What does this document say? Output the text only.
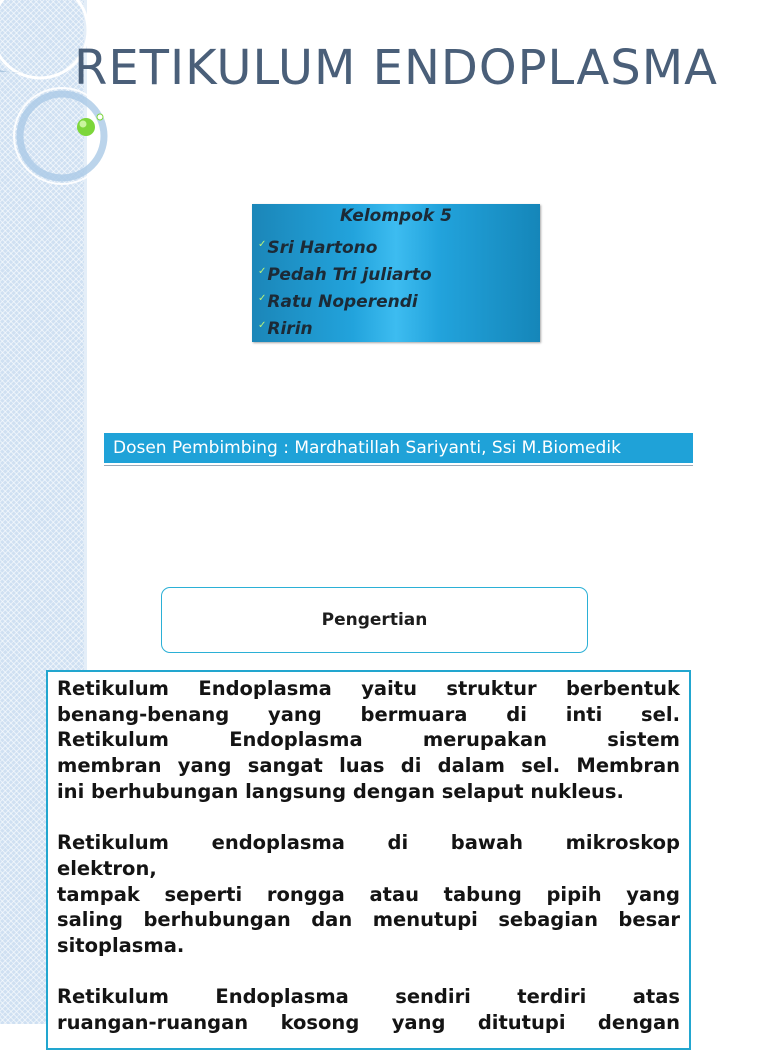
RETIKULUM ENDOPLASMA
Kelompok 5
✓ Sri Hartono
✓ Pedah Tri juliarto
✓ Ratu Noperendi
✓ Ririn
Dosen Pembimbing : Mardhatillah Sariyanti, Ssi M.Biomedik
Pengertian

Retikulum Endoplasma yaitu struktur berbentuk
benang-benang yang bermuara di inti sel.
Retikulum Endoplasma merupakan sistem
membran yang sangat luas di dalam sel. Membran
ini berhubungan langsung dengan selaput nukleus.

Retikulum endoplasma di bawah mikroskop
elektron,
tampak seperti rongga atau tabung pipih yang
saling berhubungan dan menutupi sebagian besar
sitoplasma.

Retikulum Endoplasma sendiri terdiri atas
ruangan-ruangan kosong yang ditutupi dengan
